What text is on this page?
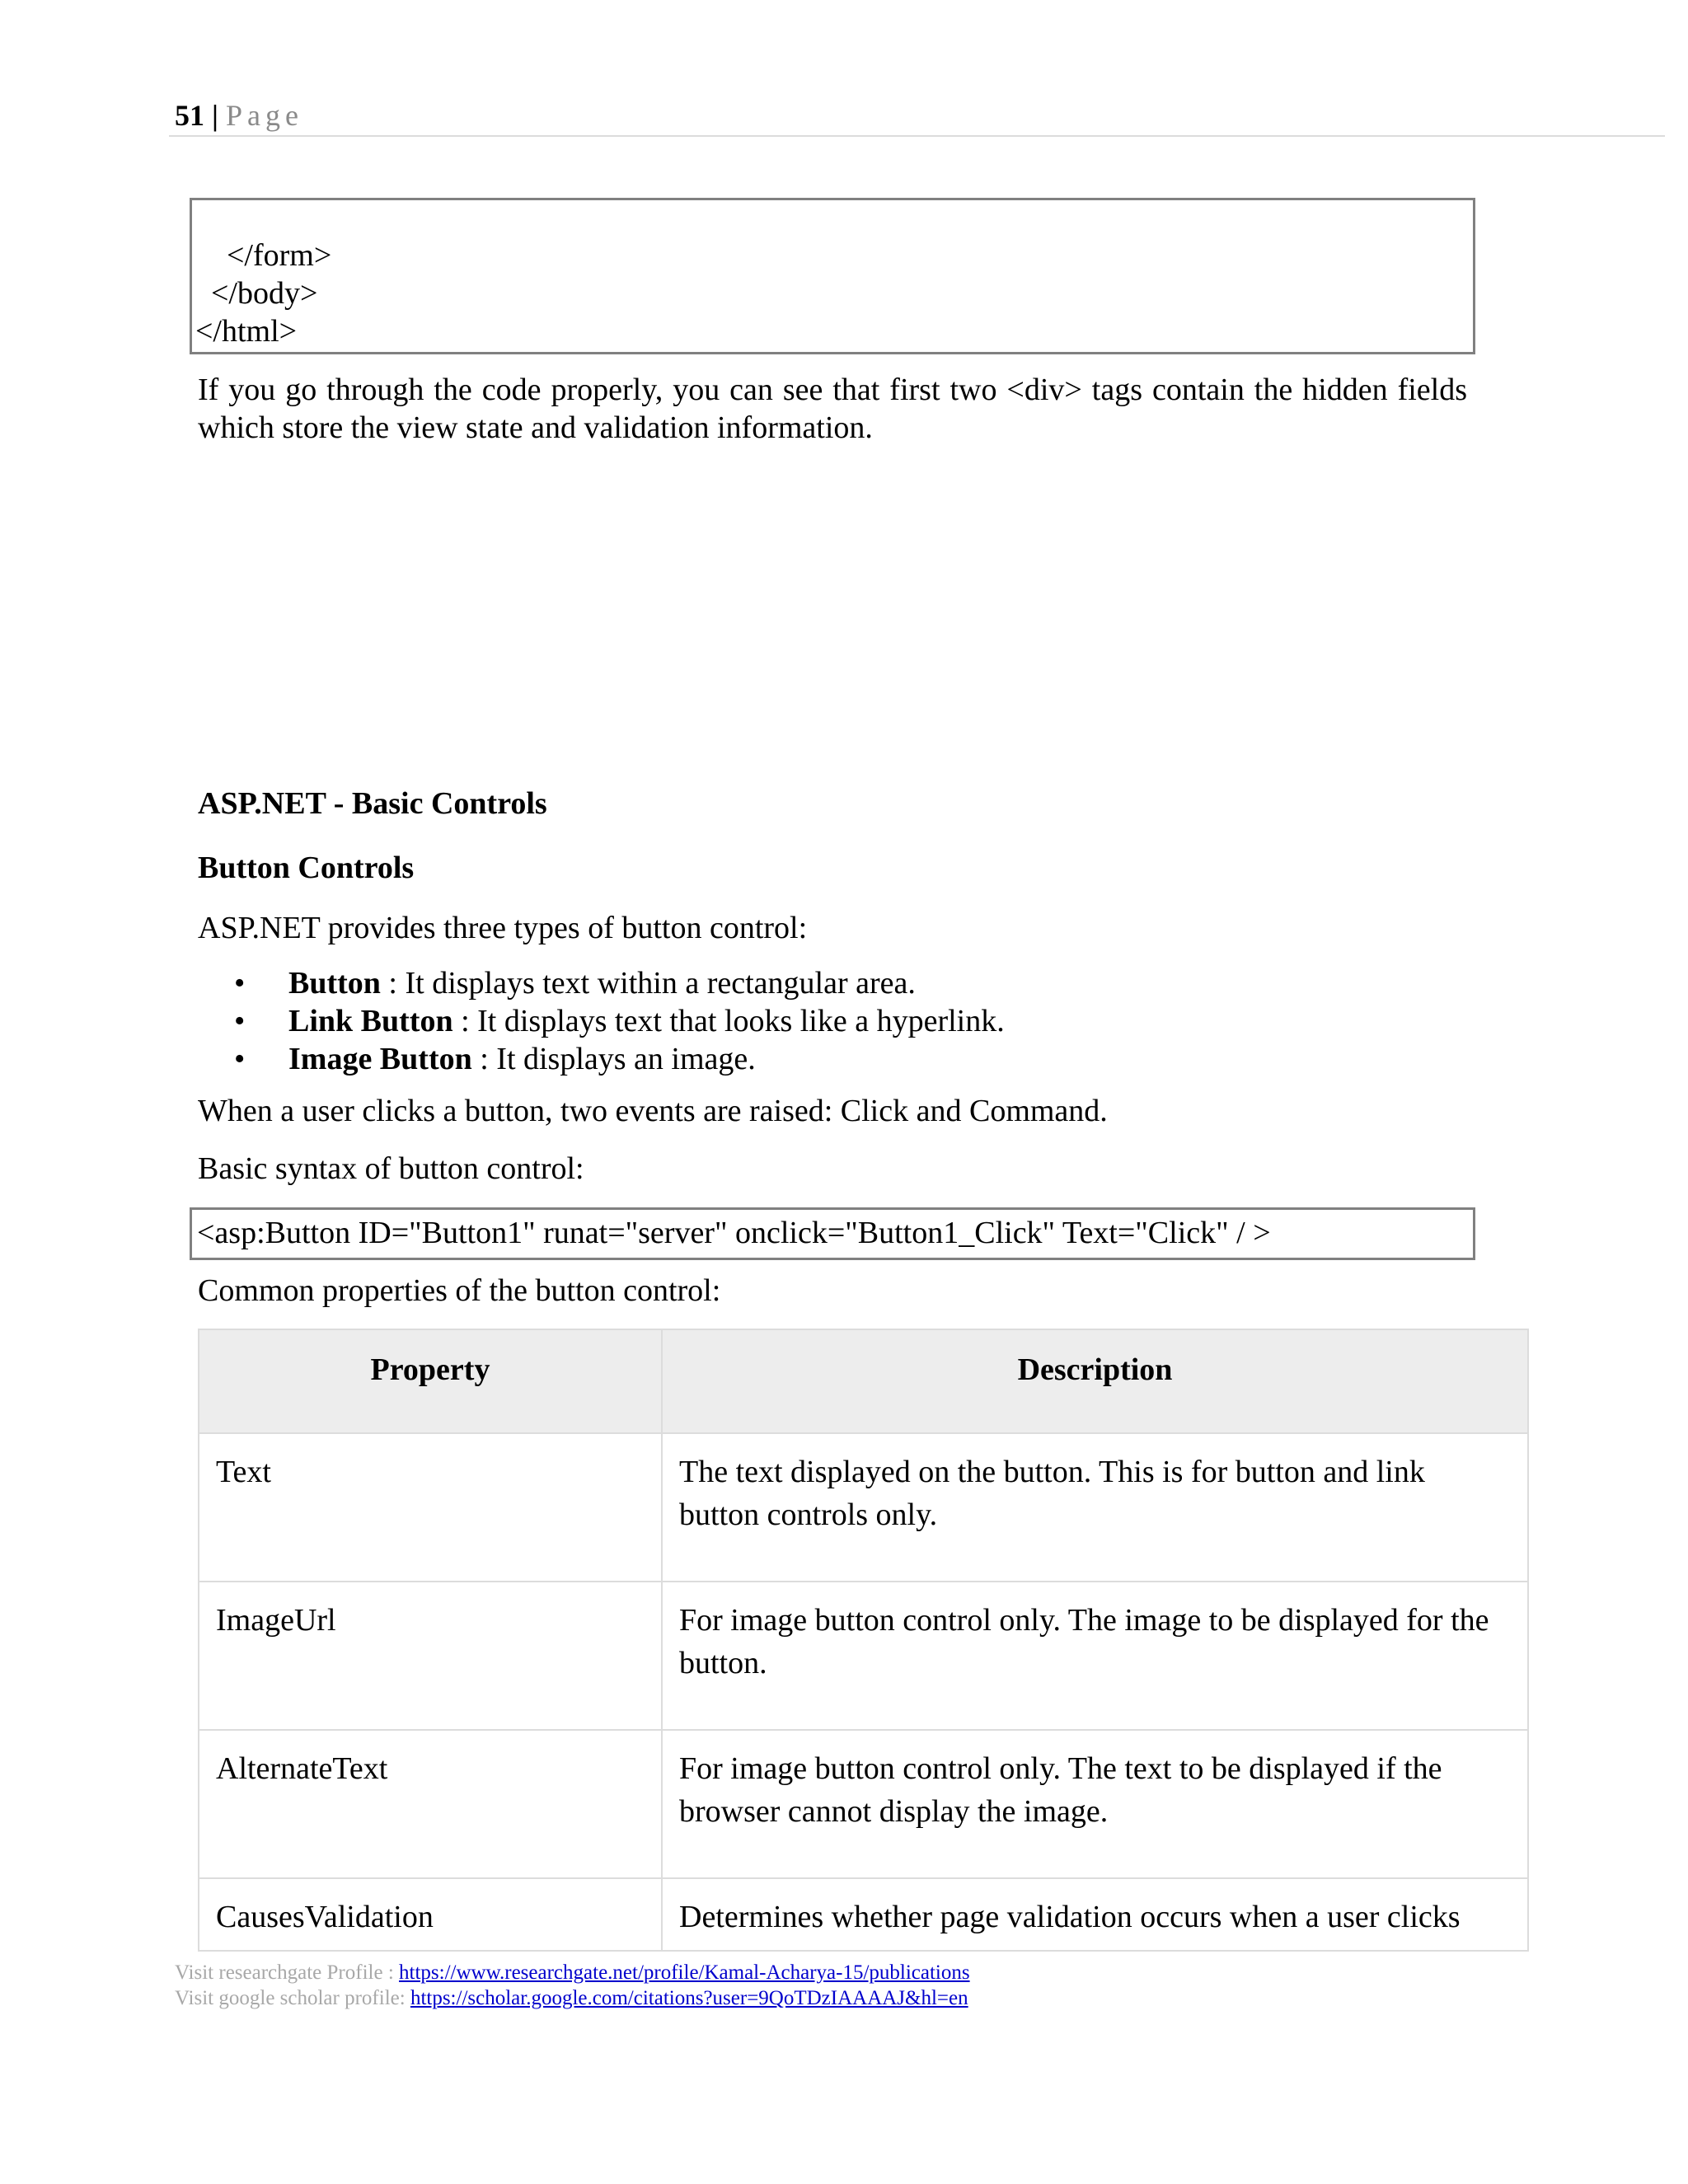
51 | Page
</form>
</body>
</html>
If you go through the code properly, you can see that first two <div> tags contain the hidden fields which store the view state and validation information.
ASP.NET - Basic Controls
Button Controls
ASP.NET provides three types of button control:
• Button : It displays text within a rectangular area.
• Link Button : It displays text that looks like a hyperlink.
• Image Button : It displays an image.
When a user clicks a button, two events are raised: Click and Command.
Basic syntax of button control:
<asp:Button ID="Button1" runat="server" onclick="Button1_Click" Text="Click" / >
Common properties of the button control:
Property	Description
Text	The text displayed on the button. This is for button and link button controls only.
ImageUrl	For image button control only. The image to be displayed for the button.
AlternateText	For image button control only. The text to be displayed if the browser cannot display the image.
CausesValidation	Determines whether page validation occurs when a user clicks
Visit researchgate Profile : https://www.researchgate.net/profile/Kamal-Acharya-15/publications
Visit google scholar profile: https://scholar.google.com/citations?user=9QoTDzIAAAAJ&hl=en
